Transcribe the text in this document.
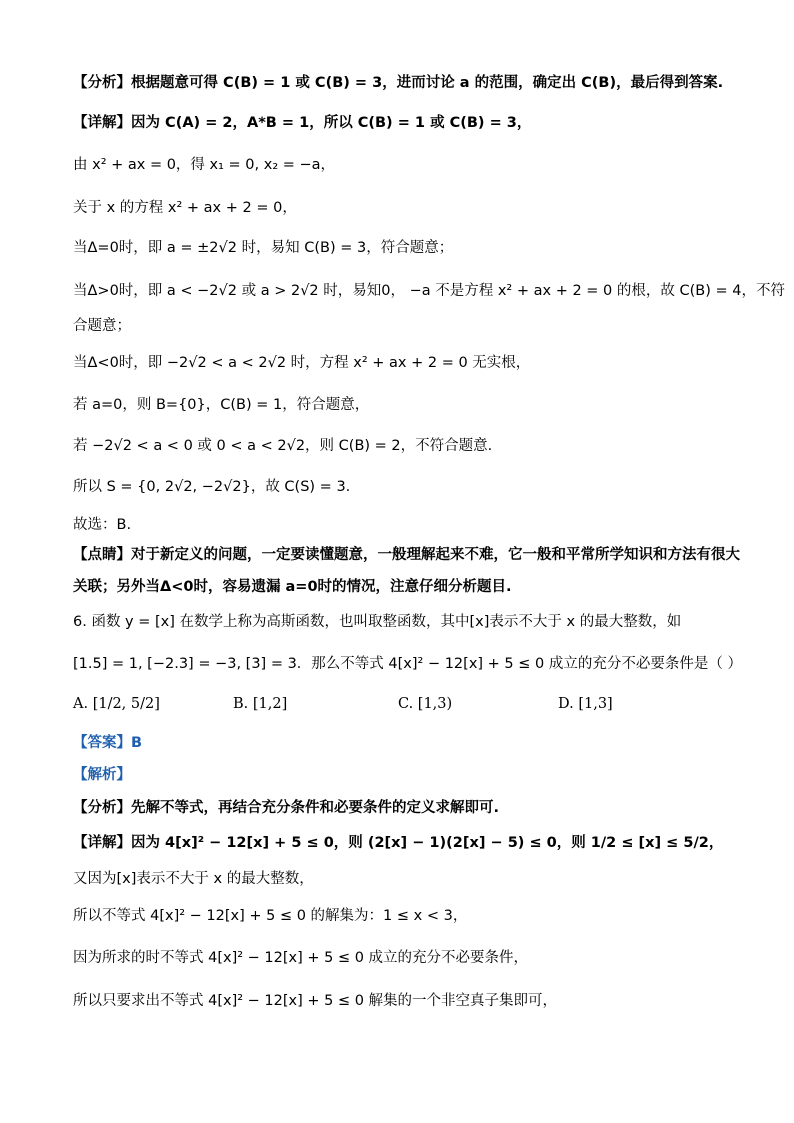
【分析】根据题意可得 C(B) = 1 或 C(B) = 3，进而讨论 a 的范围，确定出 C(B)，最后得到答案.
【详解】因为 C(A) = 2，A*B = 1，所以 C(B) = 1 或 C(B) = 3，
由 x² + ax = 0，得 x₁ = 0, x₂ = −a，
关于 x 的方程 x² + ax + 2 = 0，
当Δ=0时，即 a = ±2√2 时，易知 C(B) = 3，符合题意；
当Δ>0时，即 a < −2√2 或 a > 2√2 时，易知0， −a 不是方程 x² + ax + 2 = 0 的根，故 C(B) = 4，不符
合题意；
当Δ<0时，即 −2√2 < a < 2√2 时，方程 x² + ax + 2 = 0 无实根，
若 a=0，则 B={0}，C(B) = 1，符合题意，
若 −2√2 < a < 0 或 0 < a < 2√2，则 C(B) = 2，不符合题意.
所以 S = {0, 2√2, −2√2}，故 C(S) = 3.
故选：B.
【点睛】对于新定义的问题，一定要读懂题意，一般理解起来不难，它一般和平常所学知识和方法有很大
关联；另外当Δ<0时，容易遗漏 a=0时的情况，注意仔细分析题目.
6. 函数 y = [x] 在数学上称为高斯函数，也叫取整函数，其中[x]表示不大于 x 的最大整数，如
[1.5] = 1, [−2.3] = −3, [3] = 3．那么不等式 4[x]² − 12[x] + 5 ≤ 0 成立的充分不必要条件是（ ）
A. [1/2, 5/2]	B. [1,2]	C. [1,3)	D. [1,3]
【答案】B
【解析】
【分析】先解不等式，再结合充分条件和必要条件的定义求解即可.
【详解】因为 4[x]² − 12[x] + 5 ≤ 0，则 (2[x] − 1)(2[x] − 5) ≤ 0，则 1/2 ≤ [x] ≤ 5/2，
又因为[x]表示不大于 x 的最大整数，
所以不等式 4[x]² − 12[x] + 5 ≤ 0 的解集为：1 ≤ x < 3，
因为所求的时不等式 4[x]² − 12[x] + 5 ≤ 0 成立的充分不必要条件，
所以只要求出不等式 4[x]² − 12[x] + 5 ≤ 0 解集的一个非空真子集即可，
